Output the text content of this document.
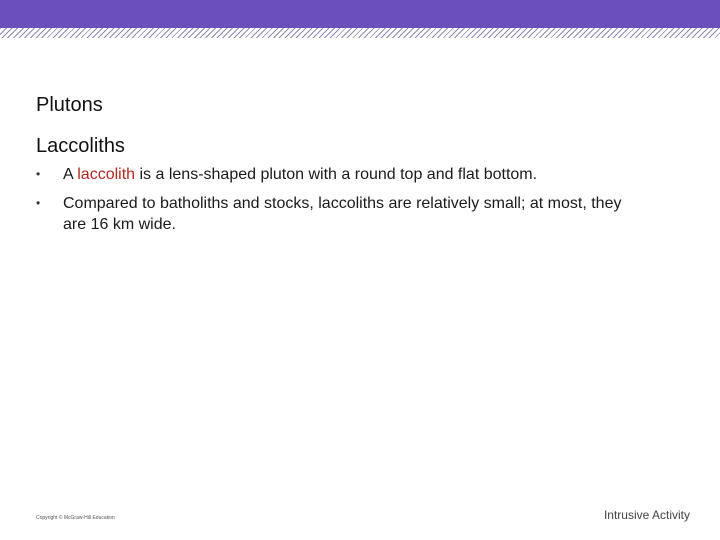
Plutons
Laccoliths
•	A laccolith is a lens-shaped pluton with a round top and flat bottom.
•	Compared to batholiths and stocks, laccoliths are relatively small; at most, they are 16 km wide.
Copyright © McGraw-Hill Education	Intrusive Activity
